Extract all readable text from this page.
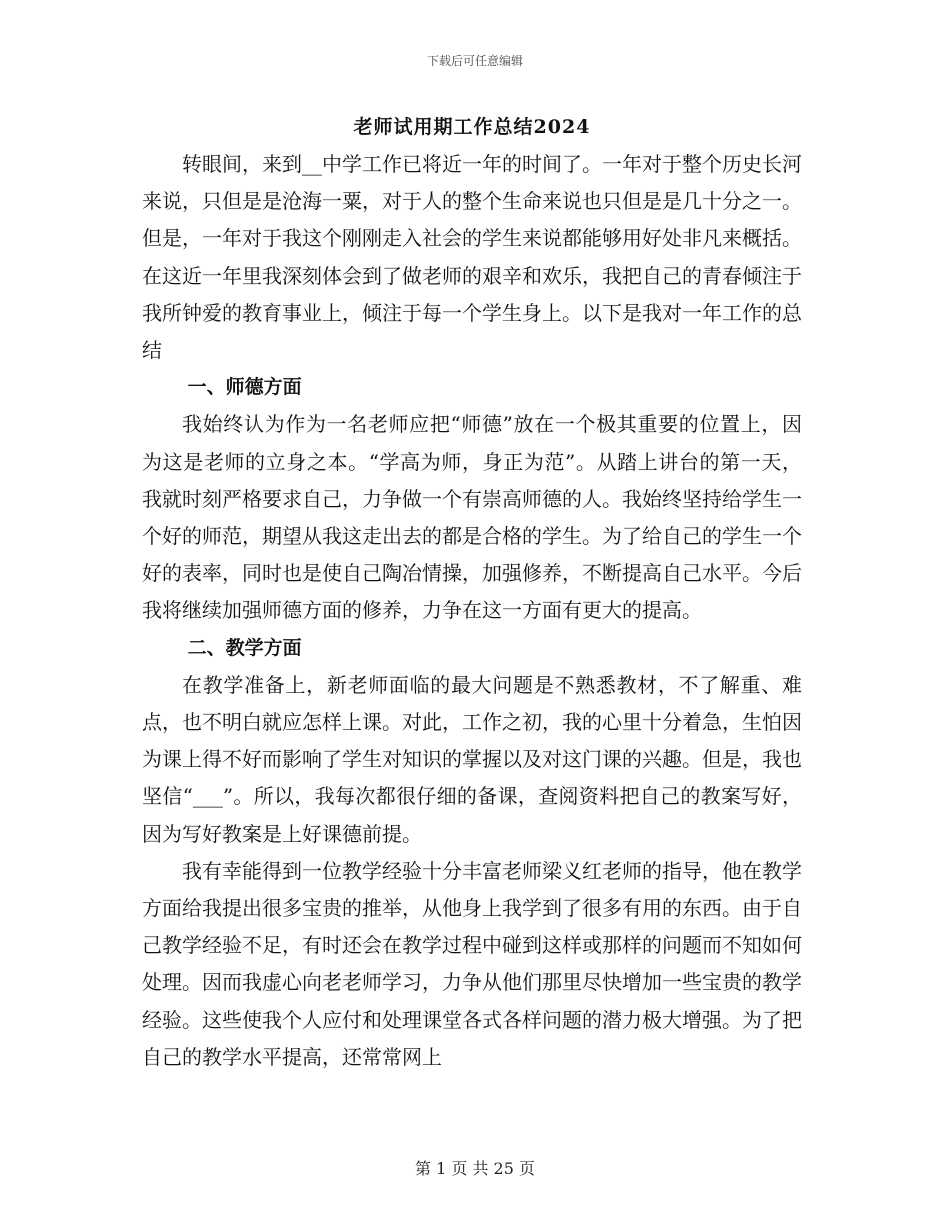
下载后可任意编辑
老师试用期工作总结2024

转眼间，来到__中学工作已将近一年的时间了。一年对于整个历史长河来说，只但是是沧海一粟，对于人的整个生命来说也只但是是几十分之一。但是，一年对于我这个刚刚走入社会的学生来说都能够用好处非凡来概括。在这近一年里我深刻体会到了做老师的艰辛和欢乐，我把自己的青春倾注于我所钟爱的教育事业上，倾注于每一个学生身上。以下是我对一年工作的总结

一、师德方面

我始终认为作为一名老师应把“师德”放在一个极其重要的位置上，因为这是老师的立身之本。“学高为师，身正为范”。从踏上讲台的第一天，我就时刻严格要求自己，力争做一个有崇高师德的人。我始终坚持给学生一个好的师范，期望从我这走出去的都是合格的学生。为了给自己的学生一个好的表率，同时也是使自己陶冶情操，加强修养，不断提高自己水平。今后我将继续加强师德方面的修养，力争在这一方面有更大的提高。

二、教学方面

在教学准备上，新老师面临的最大问题是不熟悉教材，不了解重、难点，也不明白就应怎样上课。对此，工作之初，我的心里十分着急，生怕因为课上得不好而影响了学生对知识的掌握以及对这门课的兴趣。但是，我也坚信“___”。所以，我每次都很仔细的备课，查阅资料把自己的教案写好，因为写好教案是上好课德前提。

我有幸能得到一位教学经验十分丰富老师梁义红老师的指导，他在教学方面给我提出很多宝贵的推举，从他身上我学到了很多有用的东西。由于自己教学经验不足，有时还会在教学过程中碰到这样或那样的问题而不知如何处理。因而我虚心向老老师学习，力争从他们那里尽快增加一些宝贵的教学经验。这些使我个人应付和处理课堂各式各样问题的潜力极大增强。为了把自己的教学水平提高，还常常网上

第 1 页 共 25 页
